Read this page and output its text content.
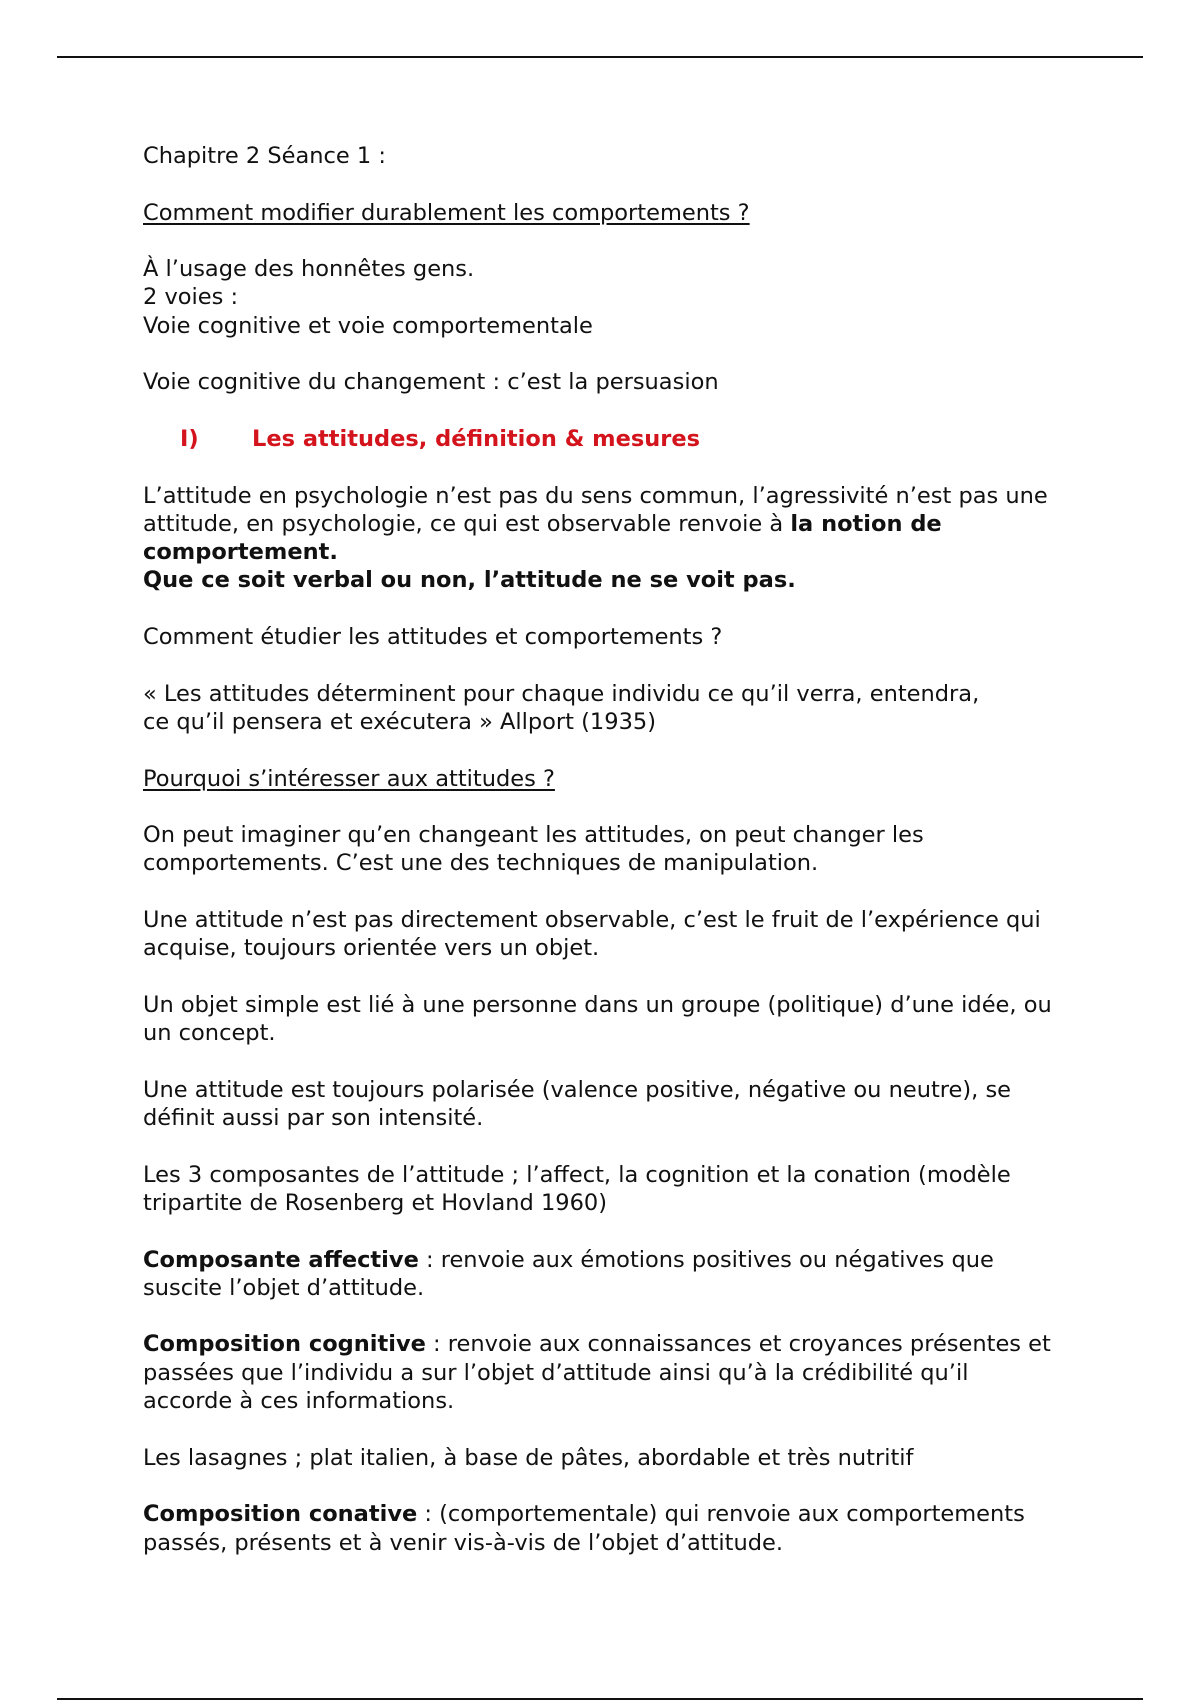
Chapitre 2 Séance 1 :

Comment modifier durablement les comportements ?

À l’usage des honnêtes gens.
2 voies :
Voie cognitive et voie comportementale

Voie cognitive du changement : c’est la persuasion

I)	Les attitudes, définition & mesures

L’attitude en psychologie n’est pas du sens commun, l’agressivité n’est pas une attitude, en psychologie, ce qui est observable renvoie à la notion de comportement.
Que ce soit verbal ou non, l’attitude ne se voit pas.

Comment étudier les attitudes et comportements ?

« Les attitudes déterminent pour chaque individu ce qu’il verra, entendra,
ce qu’il pensera et exécutera » Allport (1935)

Pourquoi s’intéresser aux attitudes ?

On peut imaginer qu’en changeant les attitudes, on peut changer les comportements. C’est une des techniques de manipulation.

Une attitude n’est pas directement observable, c’est le fruit de l’expérience qui acquise, toujours orientée vers un objet.

Un objet simple est lié à une personne dans un groupe (politique) d’une idée, ou un concept.

Une attitude est toujours polarisée (valence positive, négative ou neutre), se définit aussi par son intensité.

Les 3 composantes de l’attitude ; l’affect, la cognition et la conation (modèle tripartite de Rosenberg et Hovland 1960)

Composante affective : renvoie aux émotions positives ou négatives que suscite l’objet d’attitude.

Composition cognitive : renvoie aux connaissances et croyances présentes et passées que l’individu a sur l’objet d’attitude ainsi qu’à la crédibilité qu’il accorde à ces informations.

Les lasagnes ; plat italien, à base de pâtes, abordable et très nutritif

Composition conative : (comportementale) qui renvoie aux comportements passés, présents et à venir vis-à-vis de l’objet d’attitude.
